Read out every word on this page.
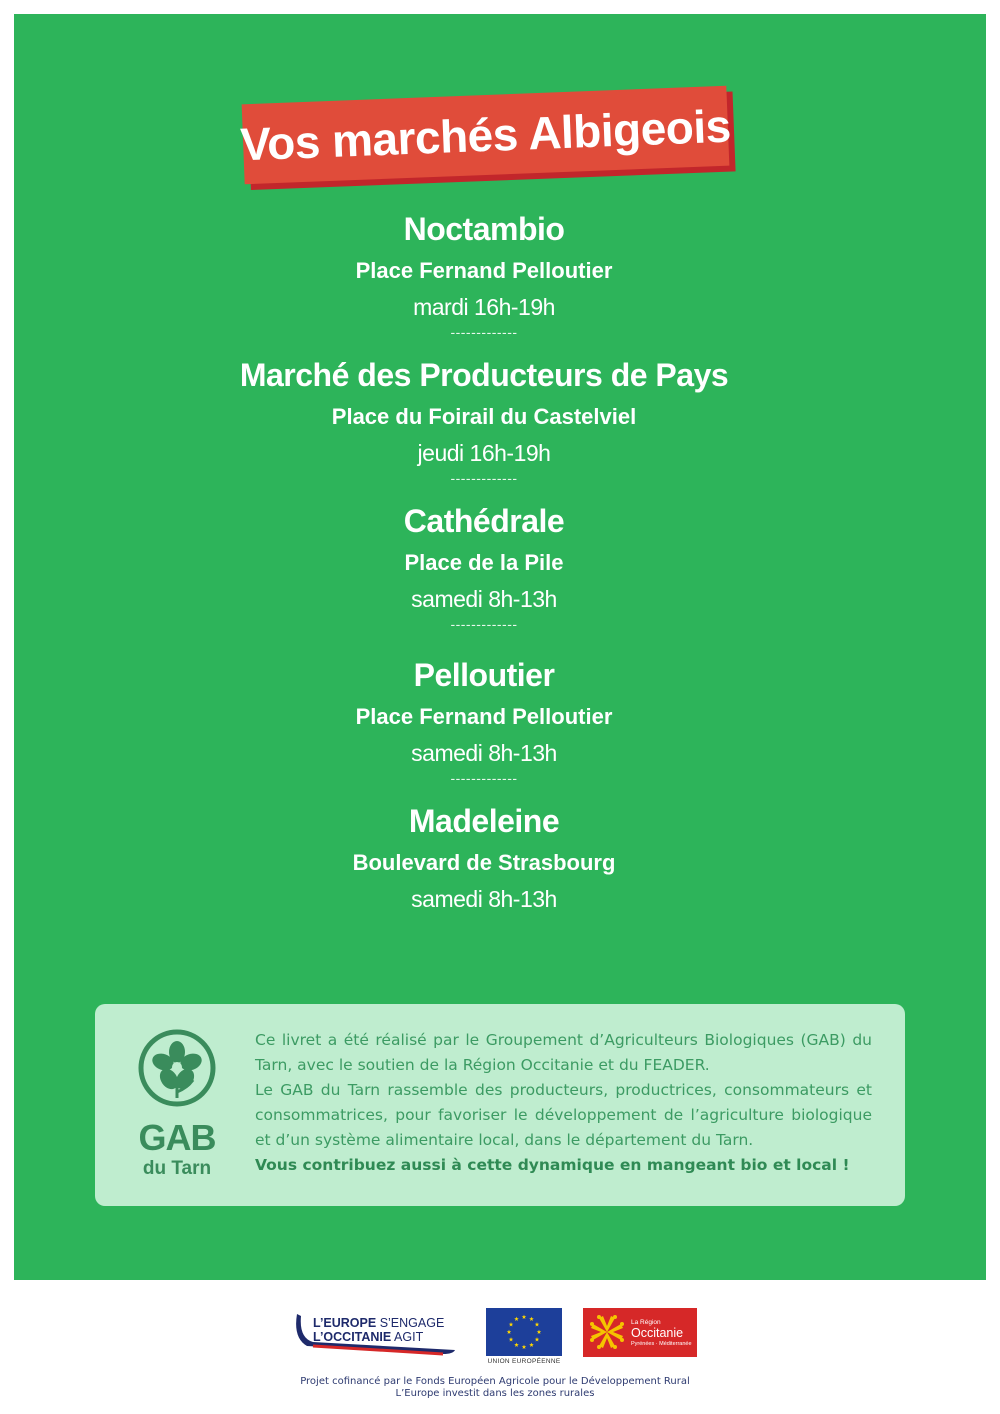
Vos marchés Albigeois

Noctambio

Place Fernand Pelloutier

mardi 16h-19h

-------------

Marché des Producteurs de Pays

Place du Foirail du Castelviel

jeudi 16h-19h

-------------

Cathédrale

Place de la Pile

samedi 8h-13h

-------------

Pelloutier

Place Fernand Pelloutier

samedi 8h-13h

-------------

Madeleine

Boulevard de Strasbourg

samedi 8h-13h

GAB
du Tarn

Ce livret a été réalisé par le Groupement d’Agriculteurs Biologiques (GAB) du Tarn, avec le soutien de la Région Occitanie et du FEADER.

Le GAB du Tarn rassemble des producteurs, productrices, consommateurs et consommatrices, pour favoriser le développement de l’agriculture biologique et d’un système alimentaire local, dans le département du Tarn.

Vous contribuez aussi à cette dynamique en mangeant bio et local !

L’EUROPE S’ENGAGE
L’OCCITANIE AGIT
UNION EUROPÉENNE
La Région
Occitanie
Pyrénées · Méditerranée

Projet cofinancé par le Fonds Européen Agricole pour le Développement Rural

L’Europe investit dans les zones rurales
